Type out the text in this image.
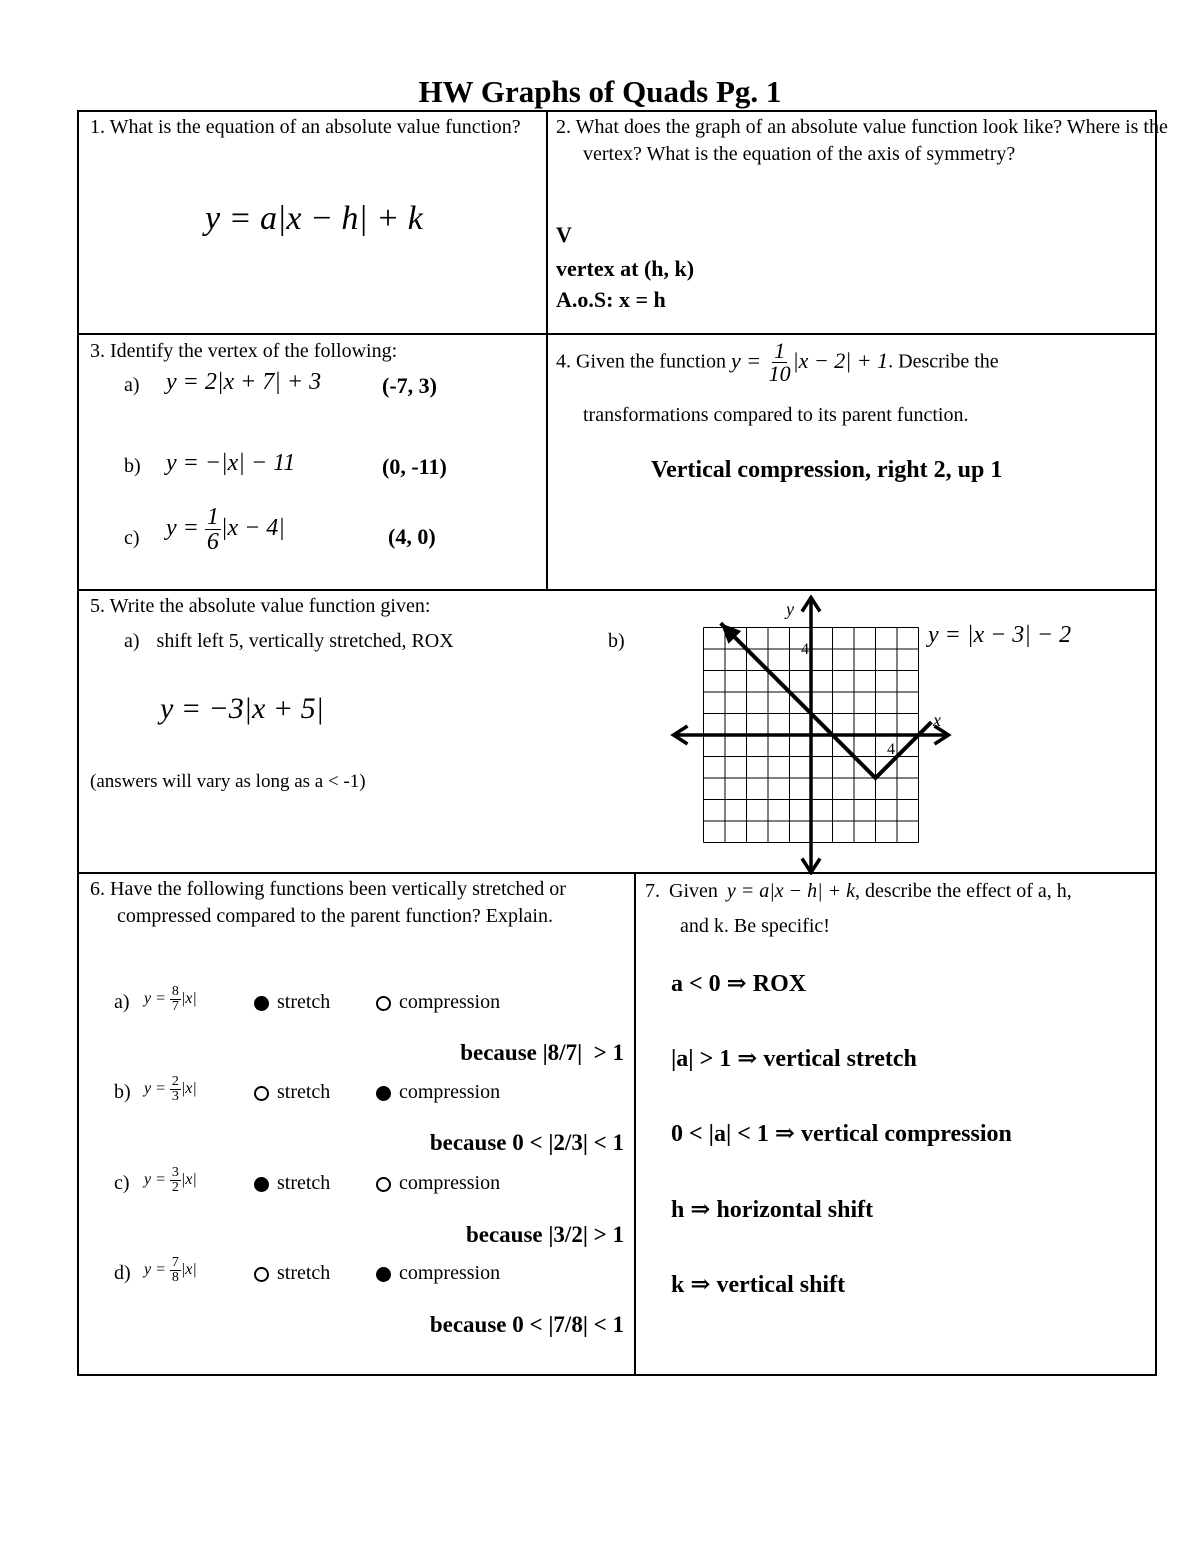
HW Graphs of Quads Pg. 1
1. What is the equation of an absolute value function?
y = a|x − h| + k
2. What does the graph of an absolute value function look like? Where is the vertex? What is the equation of the axis of symmetry?
V
vertex at (h, k)
A.o.S: x = h
3. Identify the vertex of the following:
a) y = 2|x + 7| + 3	(-7, 3)
b) y = −|x| − 11	(0, -11)
c) $y = \frac{1}{6} |x - 4|$	(4, 0)
4. Given the function $y = \frac{1}{10} |x - 2| + 1$. Describe the
transformations compared to its parent function.
Vertical compression, right 2, up 1
5. Write the absolute value function given:
a) shift left 5, vertically stretched, ROX
y = −3|x + 5|
(answers will vary as long as a < -1)
b)	y = |x − 3| − 2
y
x
4
4
6. Have the following functions been vertically stretched or compressed compared to the parent function? Explain.
a) $y = \frac{8}{7} |x|$	stretch	compression
because |8/7|  > 1
b) $y = \frac{2}{3} |x|$	stretch	compression
because 0 < |2/3| < 1
c) $y = \frac{3}{2} |x|$	stretch	compression
because |3/2| > 1
d) $y = \frac{7}{8} |x|$	stretch	compression
because 0 < |7/8| < 1
7. Given y = a|x − h| + k, describe the effect of a, h,
and k. Be specific!
a < 0 ⇒ ROX
|a| > 1 ⇒ vertical stretch
0 < |a| < 1 ⇒ vertical compression
h ⇒ horizontal shift
k ⇒ vertical shift
